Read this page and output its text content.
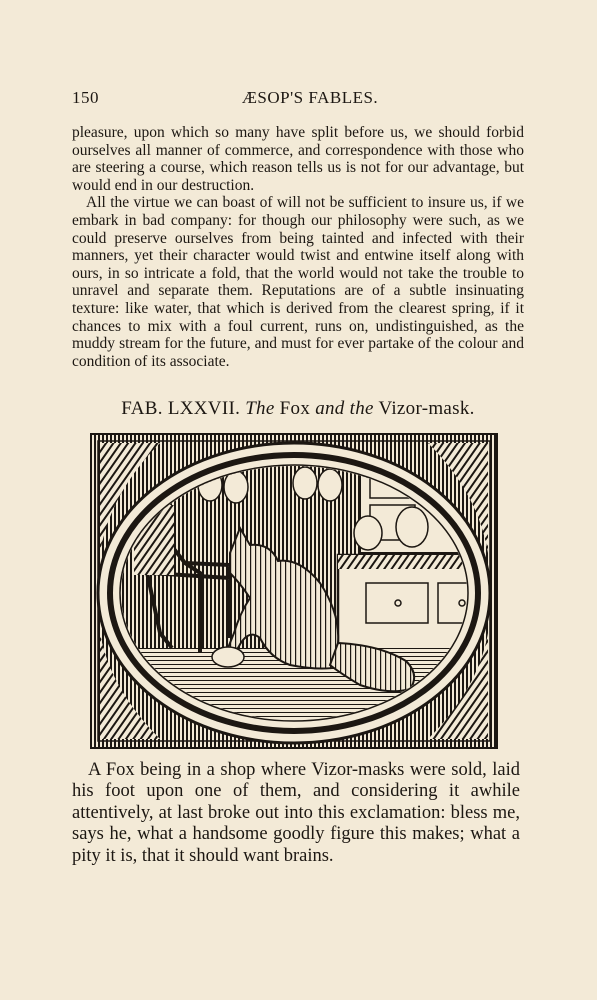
150	ÆSOP'S FABLES.

pleasure, upon which so many have split before us, we should forbid ourselves all manner of commerce, and correspondence with those who are steering a course, which reason tells us is not for our advantage, but would end in our destruction.

All the virtue we can boast of will not be sufficient to insure us, if we embark in bad company: for though our philosophy were such, as we could preserve ourselves from being tainted and infected with their manners, yet their character would twist and entwine itself along with ours, in so intricate a fold, that the world would not take the trouble to unravel and separate them. Reputations are of a subtle insinuating texture: like water, that which is derived from the clearest spring, if it chances to mix with a foul current, runs on, undistinguished, as the muddy stream for the future, and must for ever partake of the colour and condition of its associate.

FAB. LXXVII. The Fox and the Vizor-mask.

A Fox being in a shop where Vizor-masks were sold, laid his foot upon one of them, and considering it awhile attentively, at last broke out into this exclamation: bless me, says he, what a handsome goodly figure this makes; what a pity it is, that it should want brains.
